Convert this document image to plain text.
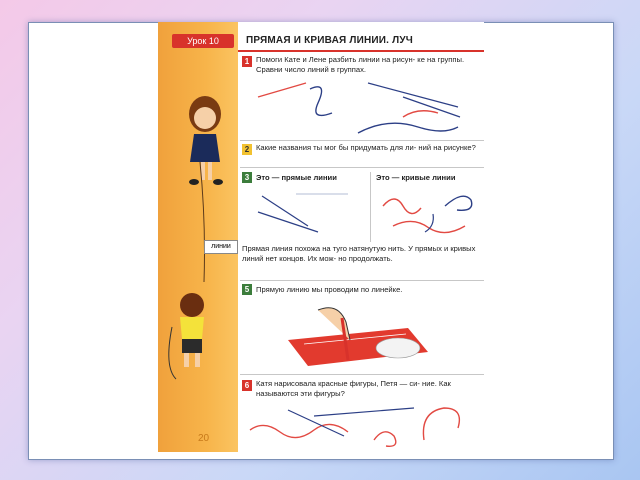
Урок 10
линии
20
ПРЯМАЯ И КРИВАЯ ЛИНИИ. ЛУЧ
1 Помоги Кате и Лене разбить линии на рисун- ке на группы. Сравни число линий в группах.
2 Какие названия ты мог бы придумать для ли- ний на рисунке?
3 Это — прямые линии	Это — кривые линии
Прямая линия похожа на туго натянутую нить. У прямых и кривых линий нет концов. Их мож- но продолжать.
5 Прямую линию мы проводим по линейке.
6 Катя нарисовала красные фигуры, Петя — си- ние. Как называются эти фигуры?
